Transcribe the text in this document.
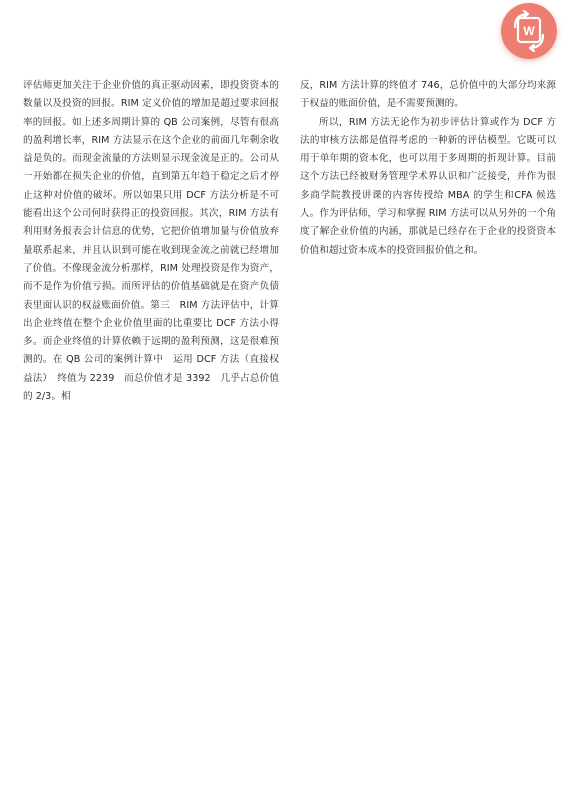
W

评估师更加关注于企业价值的真正驱动因素，即投资资本的数量以及投资的回报。RIM 定义价值的增加是超过要求回报率的回报。如上述多周期计算的 QB 公司案例，尽管有很高的盈利增长率，RIM 方法显示在这个企业的前面几年剩余收益是负的。而现金流量的方法则显示现金流是正的。公司从一开始都在损失企业的价值，直到第五年趋于稳定之后才停止这种对价值的破坏。所以如果只用 DCF 方法分析是不可能看出这个公司何时获得正的投资回报。其次，RIM 方法有利用财务报表会计信息的优势，它把价值增加量与价值放弃量联系起来，并且认识到可能在收到现金流之前就已经增加了价值。不像现金流分析那样，RIM 处理投资是作为资产，而不是作为价值亏损。而所评估的价值基础就是在资产负债表里面认识的权益账面价值。第三　RIM 方法评估中，计算出企业终值在整个企业价值里面的比重要比 DCF 方法小得多。而企业终值的计算依赖于远期的盈利预测，这是很难预测的。在 QB 公司的案例计算中　运用 DCF 方法（直接权益法）　终值为 2239　而总价值才是 3392　几乎占总价值的 2/3。相

反，RIM 方法计算的终值才 746，总价值中的大部分均来源于权益的账面价值，是不需要预测的。

所以，RIM 方法无论作为初步评估计算或作为 DCF 方法的审核方法都是值得考虑的一种新的评估模型。它既可以用于单年期的资本化，也可以用于多周期的折现计算。目前这个方法已经被财务管理学术界认识和广泛接受，并作为很多商学院教授讲课的内容传授给 MBA 的学生和CFA 候选人。作为评估师，学习和掌握 RIM 方法可以从另外的一个角度了解企业价值的内涵，那就是已经存在于企业的投资资本价值和超过资本成本的投资回报价值之和。
